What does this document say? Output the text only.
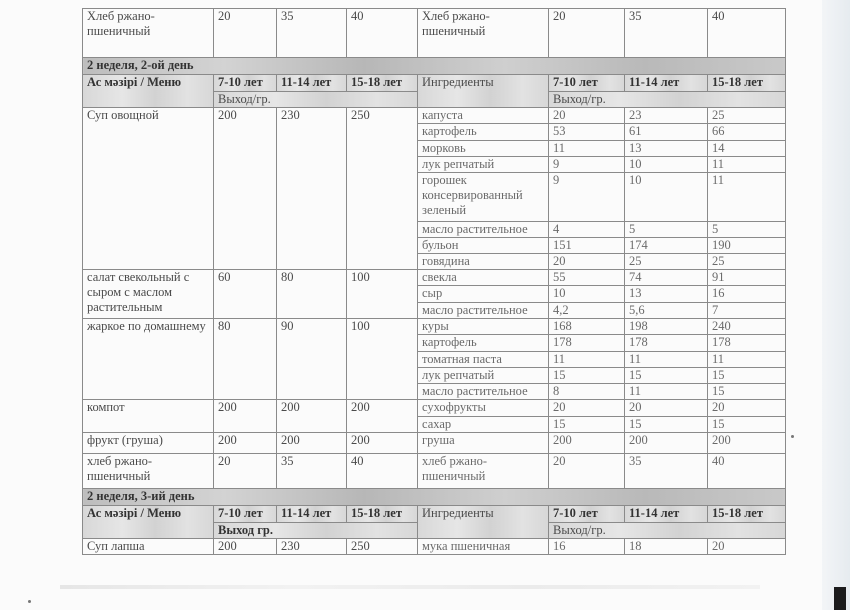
Хлеб ржано-пшеничный	20	35	40	Хлеб ржано-пшеничный	20	35	40
2 неделя, 2-ой день							
Ас мәзірі / Меню	7-10 лет	11-14 лет	15-18 лет	Ингредиенты	7-10 лет	11-14 лет	15-18 лет
	Выход/гр.				Выход/гр.		
Суп овощной	200	230	250	капуста	20	23	25
				картофель	53	61	66
				морковь	11	13	14
				лук репчатый	9	10	11
				горошек консервированный зеленый	9	10	11
				масло растительное	4	5	5
				бульон	151	174	190
				говядина	20	25	25
салат свекольный с сыром с маслом растительным	60	80	100	свекла	55	74	91
				сыр	10	13	16
				масло растительное	4,2	5,6	7
жаркое по домашнему	80	90	100	куры	168	198	240
				картофель	178	178	178
				томатная паста	11	11	11
				лук репчатый	15	15	15
				масло растительное	8	11	15
компот	200	200	200	сухофрукты	20	20	20
				сахар	15	15	15
фрукт (груша)	200	200	200	груша	200	200	200
хлеб ржано-пшеничный	20	35	40	хлеб ржано-пшеничный	20	35	40
2 неделя, 3-ий день							
Ас мәзірі / Меню	7-10 лет	11-14 лет	15-18 лет	Ингредиенты	7-10 лет	11-14 лет	15-18 лет
	Выход гр.				Выход/гр.		
Суп лапша	200	230	250	мука пшеничная	16	18	20
